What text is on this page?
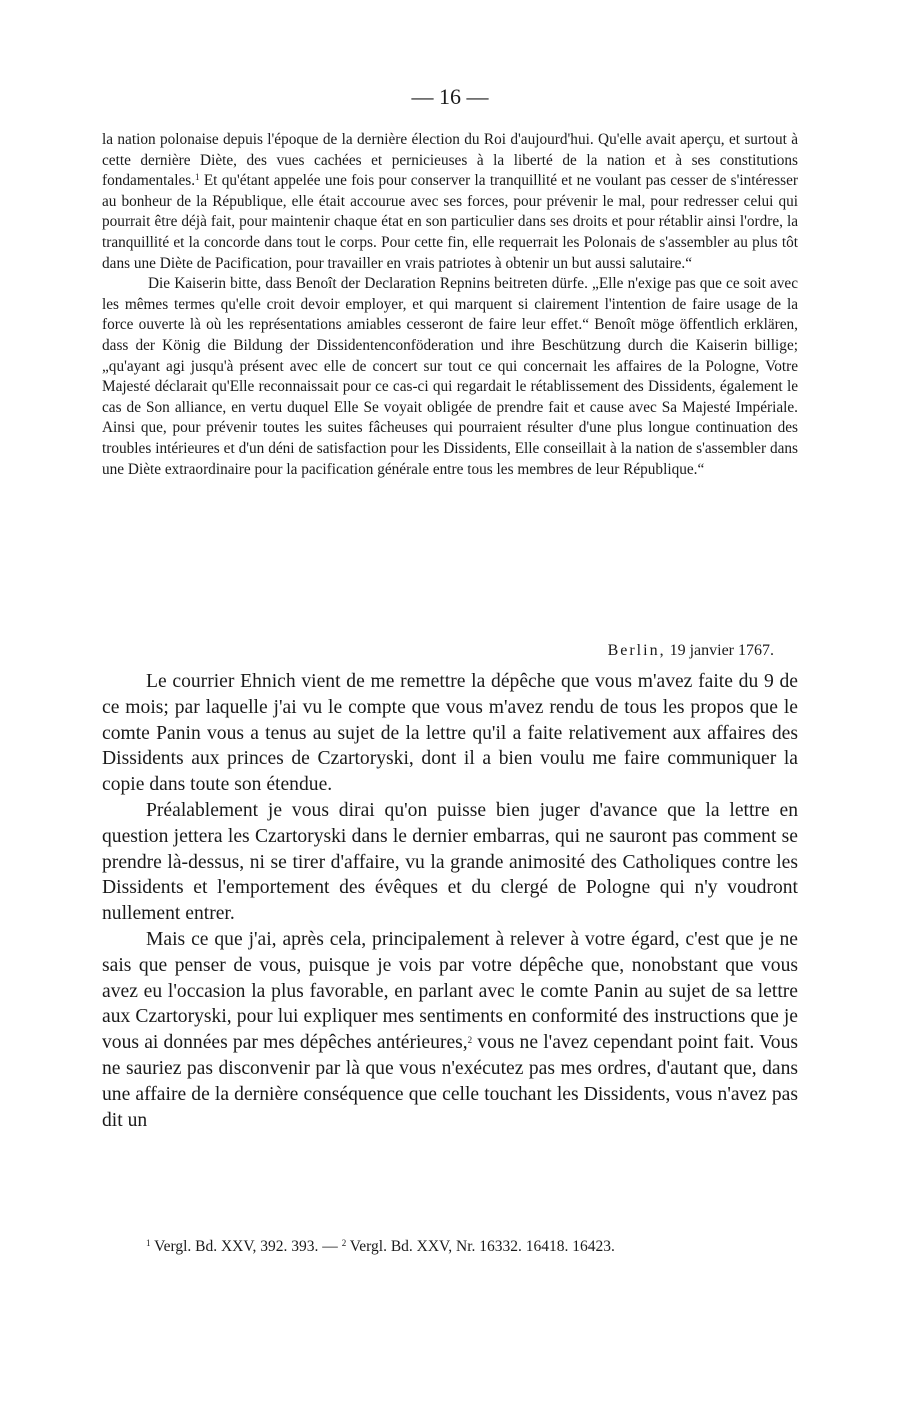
— 16 —

la nation polonaise depuis l'époque de la dernière élection du Roi d'aujourd'hui. Qu'elle avait aperçu, et surtout à cette dernière Diète, des vues cachées et pernicieuses à la liberté de la nation et à ses constitutions fondamentales.$^1$ Et qu'étant appelée une fois pour conserver la tranquillité et ne voulant pas cesser de s'intéresser au bonheur de la République, elle était accourue avec ses forces, pour prévenir le mal, pour redresser celui qui pourrait être déjà fait, pour maintenir chaque état en son particulier dans ses droits et pour rétablir ainsi l'ordre, la tranquillité et la concorde dans tout le corps. Pour cette fin, elle requerrait les Polonais de s'assembler au plus tôt dans une Diète de Pacification, pour travailler en vrais patriotes à obtenir un but aussi salutaire.“

Die Kaiserin bitte, dass Benoît der Declaration Repnins beitreten dürfe. „Elle n'exige pas que ce soit avec les mêmes termes qu'elle croit devoir employer, et qui marquent si clairement l'intention de faire usage de la force ouverte là où les représentations amiables cesseront de faire leur effet.“ Benoît möge öffentlich erklären, dass der König die Bildung der Dissidentenconföderation und ihre Beschützung durch die Kaiserin billige; „qu'ayant agi jusqu'à présent avec elle de concert sur tout ce qui concernait les affaires de la Pologne, Votre Majesté déclarait qu'Elle reconnaissait pour ce cas-ci qui regardait le rétablissement des Dissidents, également le cas de Son alliance, en vertu duquel Elle Se voyait obligée de prendre fait et cause avec Sa Majesté Impériale. Ainsi que, pour prévenir toutes les suites fâcheuses qui pourraient résulter d'une plus longue continuation des troubles intérieures et d'un déni de satisfaction pour les Dissidents, Elle conseillait à la nation de s'assembler dans une Diète extraordinaire pour la pacification générale entre tous les membres de leur République.“

Berlin, 19 janvier 1767.

Le courrier Ehnich vient de me remettre la dépêche que vous m'avez faite du 9 de ce mois; par laquelle j'ai vu le compte que vous m'avez rendu de tous les propos que le comte Panin vous a tenus au sujet de la lettre qu'il a faite relativement aux affaires des Dissidents aux princes de Czartoryski, dont il a bien voulu me faire communiquer la copie dans toute son étendue.

Préalablement je vous dirai qu'on puisse bien juger d'avance que la lettre en question jettera les Czartoryski dans le dernier embarras, qui ne sauront pas comment se prendre là-dessus, ni se tirer d'affaire, vu la grande animosité des Catholiques contre les Dissidents et l'emportement des évêques et du clergé de Pologne qui n'y voudront nullement entrer.

Mais ce que j'ai, après cela, principalement à relever à votre égard, c'est que je ne sais que penser de vous, puisque je vois par votre dépêche que, nonobstant que vous avez eu l'occasion la plus favorable, en parlant avec le comte Panin au sujet de sa lettre aux Czartoryski, pour lui expliquer mes sentiments en conformité des instructions que je vous ai données par mes dépêches antérieures,$^2$ vous ne l'avez cependant point fait. Vous ne sauriez pas disconvenir par là que vous n'exécutez pas mes ordres, d'autant que, dans une affaire de la dernière conséquence que celle touchant les Dissidents, vous n'avez pas dit un

$^1$ Vergl. Bd. XXV, 392. 393. — $^2$ Vergl. Bd. XXV, Nr. 16332. 16418. 16423.
